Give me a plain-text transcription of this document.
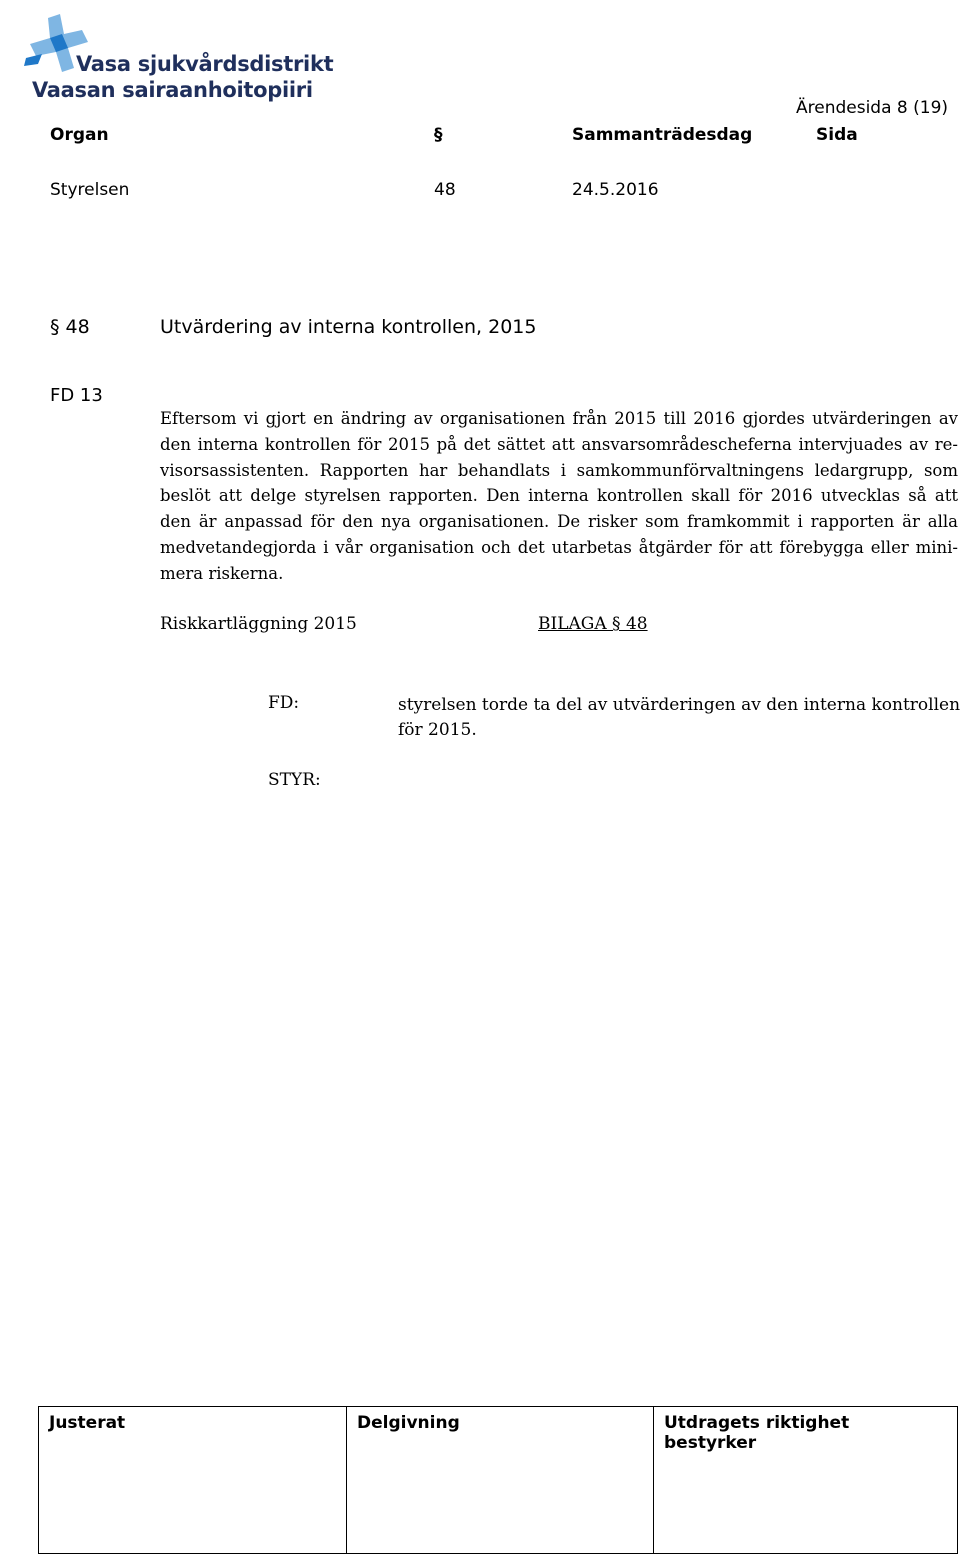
Vasa sjukvårdsdistrikt
Vaasan sairaanhoitopiiri
Ärendesida 8 (19)
Organ	§	Sammanträdesdag	Sida
Styrelsen	48	24.5.2016
§ 48	Utvärdering av interna kontrollen, 2015
FD 13
Eftersom vi gjort en ändring av organisationen från 2015 till 2016 gjordes utvärderingen av
den interna kontrollen för 2015 på det sättet att ansvarsområdescheferna intervjuades av re-
visorsassistenten. Rapporten har behandlats i samkommunförvaltningens ledargrupp, som
beslöt att delge styrelsen rapporten. Den interna kontrollen skall för 2016 utvecklas så att
den är anpassad för den nya organisationen. De risker som framkommit i rapporten är alla
medvetandegjorda i vår organisation och det utarbetas åtgärder för att förebygga eller mini-
mera riskerna.
Riskkartläggning 2015	BILAGA § 48
FD:	styrelsen torde ta del av utvärderingen av den interna kontrollen för 2015.
STYR:
Justerat	Delgivning	Utdragets riktighet bestyrker
